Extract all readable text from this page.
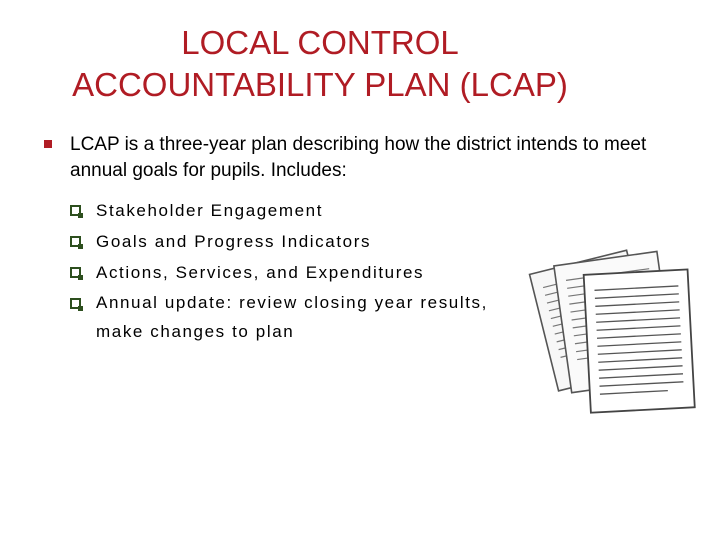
LOCAL CONTROL
ACCOUNTABILITY PLAN (LCAP)
LCAP is a three-year plan describing how the district intends to meet annual goals for pupils. Includes:
Stakeholder Engagement
Goals and Progress Indicators
Actions, Services, and Expenditures
Annual update: review closing year results, make changes to plan
